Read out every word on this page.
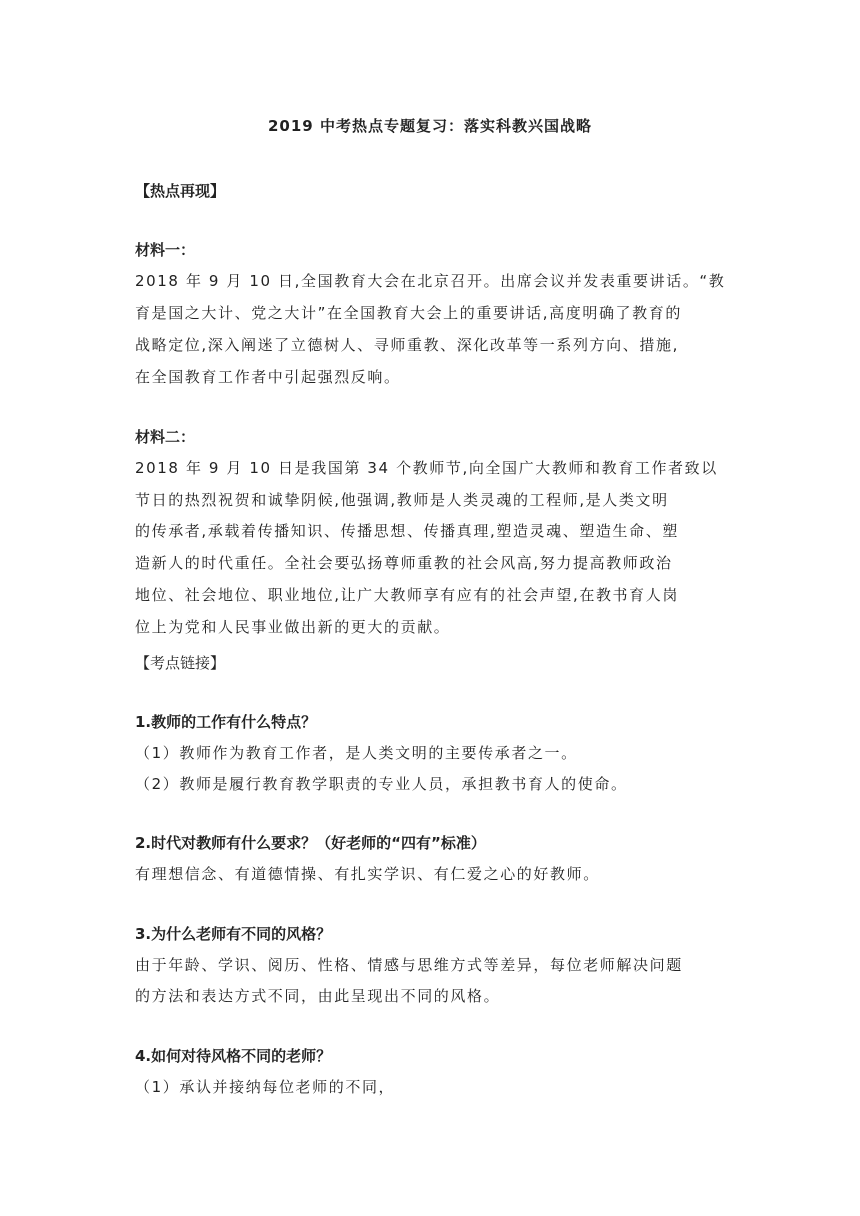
2019 中考热点专题复习：落实科教兴国战略
【热点再现】
材料一：
2018 年 9 月 10 日,全国教育大会在北京召开。出席会议并发表重要讲话。“教
育是国之大计、党之大计”在全国教育大会上的重要讲话,高度明确了教育的
战略定位,深入阐迷了立德树人、寻师重教、深化改革等一系列方向、措施,
在全国教育工作者中引起强烈反响。
材料二：
2018 年 9 月 10 日是我国第 34 个教师节,向全国广大教师和教育工作者致以
节日的热烈祝贺和诚挚阴候,他强调,教师是人类灵魂的工程师,是人类文明
的传承者,承载着传播知识、传播思想、传播真理,塑造灵魂、塑造生命、塑
造新人的时代重任。全社会要弘扬尊师重教的社会风高,努力提高教师政治
地位、社会地位、职业地位,让广大教师享有应有的社会声望,在教书育人岗
位上为党和人民事业做出新的更大的贡献。
【考点链接】
1.教师的工作有什么特点？
（1）教师作为教育工作者，是人类文明的主要传承者之一。
（2）教师是履行教育教学职责的专业人员，承担教书育人的使命。
2.时代对教师有什么要求？（好老师的“四有”标准）
有理想信念、有道德情操、有扎实学识、有仁爱之心的好教师。
3.为什么老师有不同的风格？
由于年龄、学识、阅历、性格、情感与思维方式等差异，每位老师解决问题
的方法和表达方式不同，由此呈现出不同的风格。
4.如何对待风格不同的老师？
（1）承认并接纳每位老师的不同，
